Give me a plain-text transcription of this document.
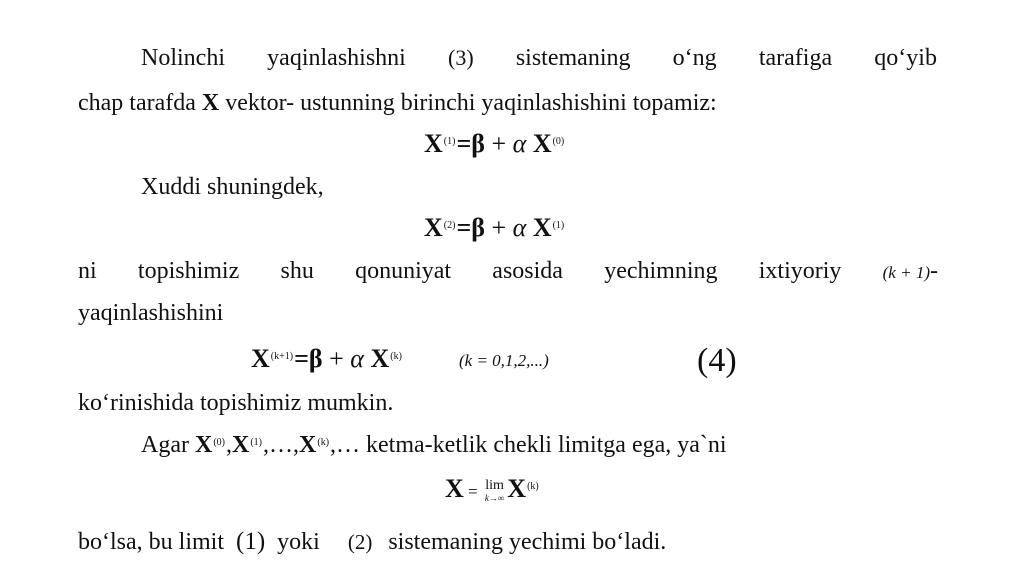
Nolinchi yaqinlashishni (3) sistemaning o‘ng tarafiga qo‘yib
chap tarafda X vektor- ustunning birinchi yaqinlashishini topamiz:
$X^{(1)}=\beta + \alpha$ $X^{(0)}$
Xuddi shuningdek,
$X^{(2)}=\beta + \alpha$ $X^{(1)}$
ni topishimiz shu qonuniyat asosida yechimning ixtiyoriy (k + 1)-
yaqinlashishini
$X^{(k+1)}=\beta + \alpha$ $X^{(k)}$	(k = 0,1,2,...)	(4)
ko‘rinishida topishimiz mumkin.
Agar $X^{(0)},X^{(1)},\dots,X^{(k)},\dots$ ketma-ketlik chekli limitga ega, ya`ni
X = lim
k→∞ $X^{(k)}$
bo‘lsa, bu limit (1) yoki (2) sistemaning yechimi bo‘ladi.
